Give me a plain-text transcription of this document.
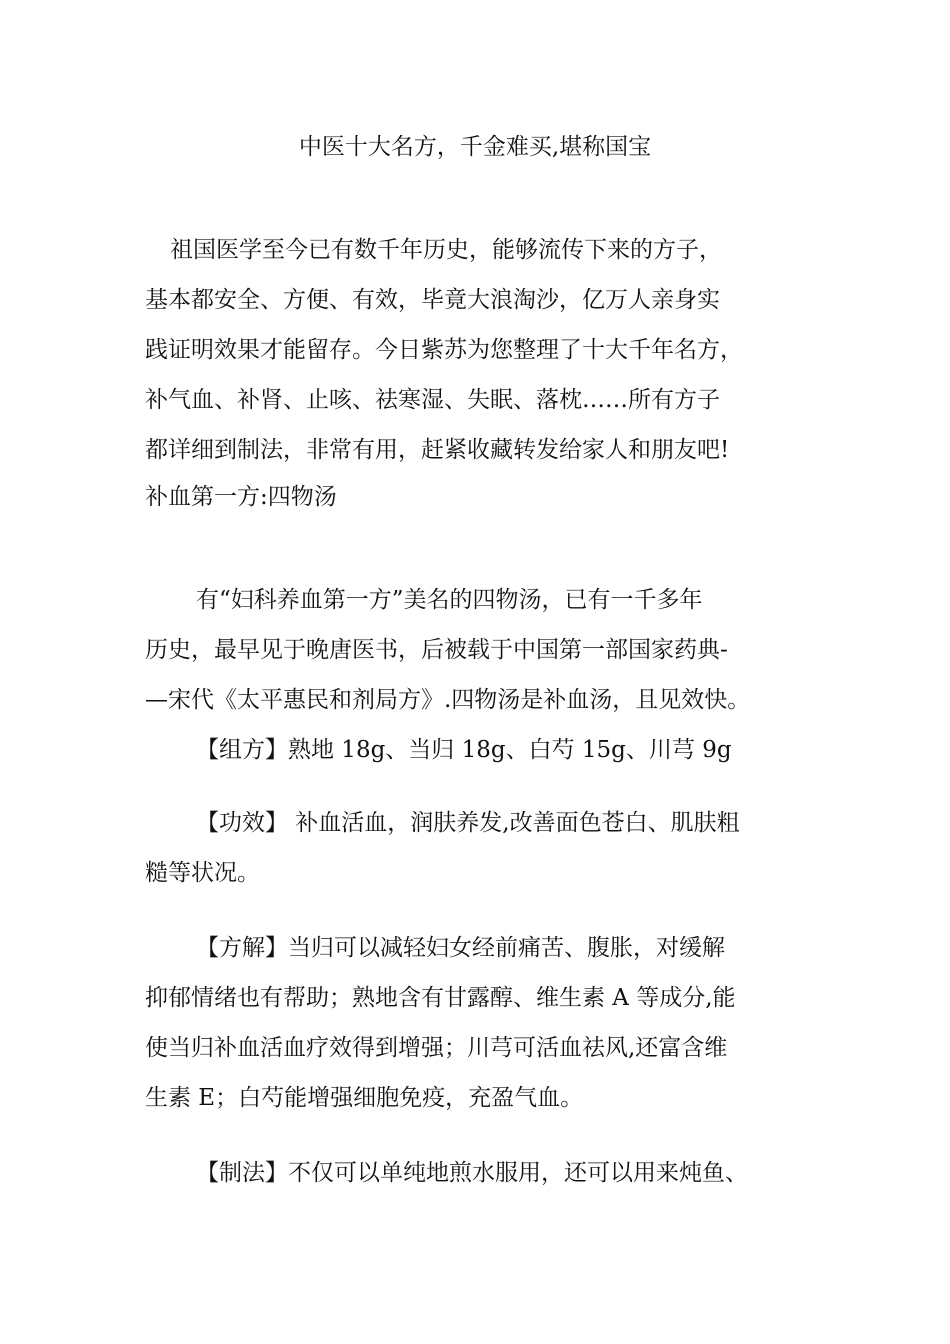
中医十大名方，千金难买,堪称国宝
祖国医学至今已有数千年历史，能够流传下来的方子，
基本都安全、方便、有效，毕竟大浪淘沙，亿万人亲身实
践证明效果才能留存。今日紫苏为您整理了十大千年名方，
补气血、补肾、止咳、祛寒湿、失眠、落枕……所有方子
都详细到制法，非常有用，赶紧收藏转发给家人和朋友吧!
补血第一方:四物汤
有“妇科养血第一方”美名的四物汤，已有一千多年
历史，最早见于晚唐医书，后被载于中国第一部国家药典-
—宋代《太平惠民和剂局方》.四物汤是补血汤，且见效快。
【组方】熟地 18g、当归 18g、白芍 15g、川芎 9g
【功效】 补血活血，润肤养发,改善面色苍白、肌肤粗
糙等状况。
【方解】当归可以减轻妇女经前痛苦、腹胀，对缓解
抑郁情绪也有帮助；熟地含有甘露醇、维生素 A 等成分,能
使当归补血活血疗效得到增强；川芎可活血祛风,还富含维
生素 E；白芍能增强细胞免疫，充盈气血。
【制法】不仅可以单纯地煎水服用，还可以用来炖鱼、
